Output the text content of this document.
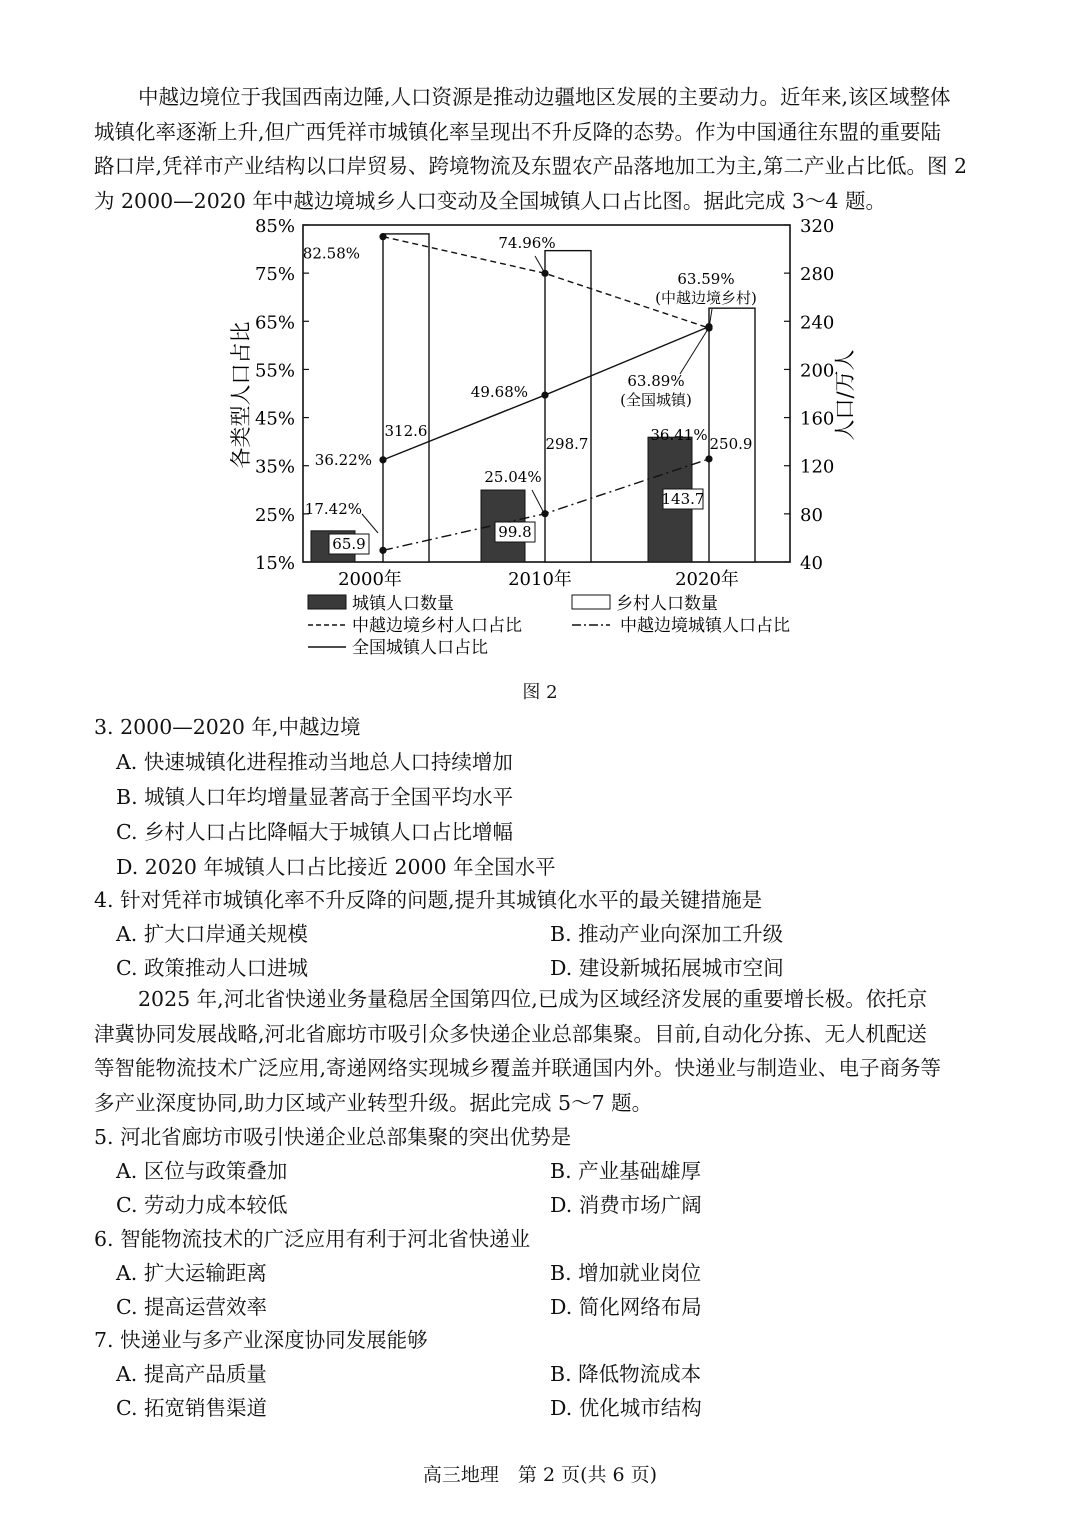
中越边境位于我国西南边陲,人口资源是推动边疆地区发展的主要动力。近年来,该区域整体
城镇化率逐渐上升,但广西凭祥市城镇化率呈现出不升反降的态势。作为中国通往东盟的重要陆
路口岸,凭祥市产业结构以口岸贸易、跨境物流及东盟农产品落地加工为主,第二产业占比低。图 2
为 2000—2020 年中越边境城乡人口变动及全国城镇人口占比图。据此完成 3～4 题。

85%
75%
65%
55%
45%
35%
25%
15%
320
280
240
200
160
120
80
40
各类型人口占比	人口/万人
2000年	2010年	2020年
82.58%
74.96%
63.59%
(中越边境乡村)
36.22%
49.68%
63.89%
(全国城镇)
17.42%
25.04%
36.41%
312.6
298.7	250.9
65.9
99.8
143.7
城镇人口数量	乡村人口数量
中越边境乡村人口占比	中越边境城镇人口占比
全国城镇人口占比
图 2

3. 2000—2020 年,中越边境

A. 快速城镇化进程推动当地总人口持续增加

B. 城镇人口年均增量显著高于全国平均水平

C. 乡村人口占比降幅大于城镇人口占比增幅

D. 2020 年城镇人口占比接近 2000 年全国水平

4. 针对凭祥市城镇化率不升反降的问题,提升其城镇化水平的最关键措施是

A. 扩大口岸通关规模	B. 推动产业向深加工升级

C. 政策推动人口进城	D. 建设新城拓展城市空间

2025 年,河北省快递业务量稳居全国第四位,已成为区域经济发展的重要增长极。依托京
津冀协同发展战略,河北省廊坊市吸引众多快递企业总部集聚。目前,自动化分拣、无人机配送
等智能物流技术广泛应用,寄递网络实现城乡覆盖并联通国内外。快递业与制造业、电子商务等
多产业深度协同,助力区域产业转型升级。据此完成 5～7 题。

5. 河北省廊坊市吸引快递企业总部集聚的突出优势是

A. 区位与政策叠加	B. 产业基础雄厚

C. 劳动力成本较低	D. 消费市场广阔

6. 智能物流技术的广泛应用有利于河北省快递业

A. 扩大运输距离	B. 增加就业岗位

C. 提高运营效率	D. 简化网络布局

7. 快递业与多产业深度协同发展能够

A. 提高产品质量	B. 降低物流成本

C. 拓宽销售渠道	D. 优化城市结构

高三地理　第 2 页(共 6 页)
